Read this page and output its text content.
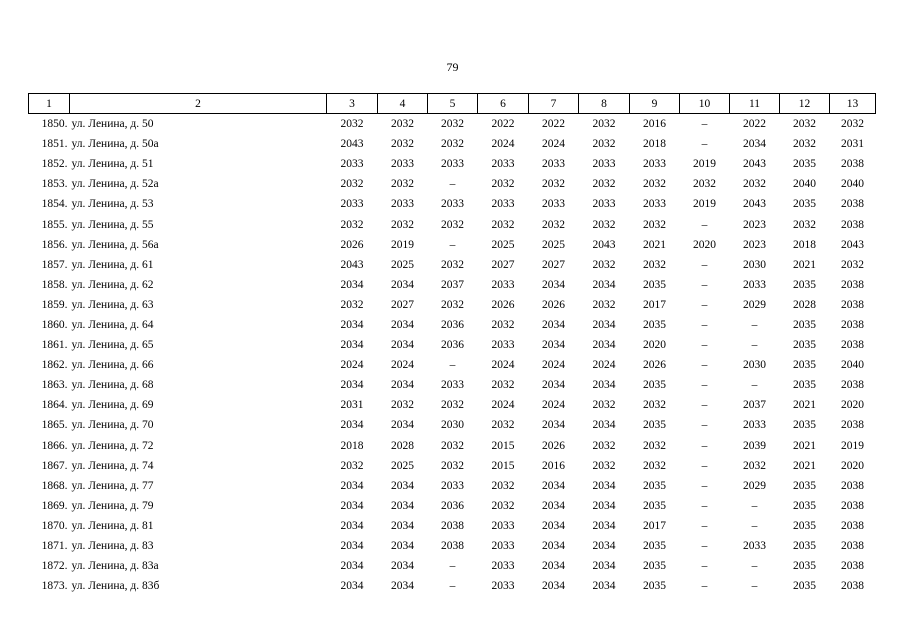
79
1	2	3	4	5	6	7	8	9	10	11	12	13
1850.	ул. Ленина, д. 50	2032	2032	2032	2022	2022	2032	2016	–	2022	2032	2032
1851.	ул. Ленина, д. 50а	2043	2032	2032	2024	2024	2032	2018	–	2034	2032	2031
1852.	ул. Ленина, д. 51	2033	2033	2033	2033	2033	2033	2033	2019	2043	2035	2038
1853.	ул. Ленина, д. 52а	2032	2032	–	2032	2032	2032	2032	2032	2032	2040	2040
1854.	ул. Ленина, д. 53	2033	2033	2033	2033	2033	2033	2033	2019	2043	2035	2038
1855.	ул. Ленина, д. 55	2032	2032	2032	2032	2032	2032	2032	–	2023	2032	2038
1856.	ул. Ленина, д. 56а	2026	2019	–	2025	2025	2043	2021	2020	2023	2018	2043
1857.	ул. Ленина, д. 61	2043	2025	2032	2027	2027	2032	2032	–	2030	2021	2032
1858.	ул. Ленина, д. 62	2034	2034	2037	2033	2034	2034	2035	–	2033	2035	2038
1859.	ул. Ленина, д. 63	2032	2027	2032	2026	2026	2032	2017	–	2029	2028	2038
1860.	ул. Ленина, д. 64	2034	2034	2036	2032	2034	2034	2035	–	–	2035	2038
1861.	ул. Ленина, д. 65	2034	2034	2036	2033	2034	2034	2020	–	–	2035	2038
1862.	ул. Ленина, д. 66	2024	2024	–	2024	2024	2024	2026	–	2030	2035	2040
1863.	ул. Ленина, д. 68	2034	2034	2033	2032	2034	2034	2035	–	–	2035	2038
1864.	ул. Ленина, д. 69	2031	2032	2032	2024	2024	2032	2032	–	2037	2021	2020
1865.	ул. Ленина, д. 70	2034	2034	2030	2032	2034	2034	2035	–	2033	2035	2038
1866.	ул. Ленина, д. 72	2018	2028	2032	2015	2026	2032	2032	–	2039	2021	2019
1867.	ул. Ленина, д. 74	2032	2025	2032	2015	2016	2032	2032	–	2032	2021	2020
1868.	ул. Ленина, д. 77	2034	2034	2033	2032	2034	2034	2035	–	2029	2035	2038
1869.	ул. Ленина, д. 79	2034	2034	2036	2032	2034	2034	2035	–	–	2035	2038
1870.	ул. Ленина, д. 81	2034	2034	2038	2033	2034	2034	2017	–	–	2035	2038
1871.	ул. Ленина, д. 83	2034	2034	2038	2033	2034	2034	2035	–	2033	2035	2038
1872.	ул. Ленина, д. 83а	2034	2034	–	2033	2034	2034	2035	–	–	2035	2038
1873.	ул. Ленина, д. 83б	2034	2034	–	2033	2034	2034	2035	–	–	2035	2038
